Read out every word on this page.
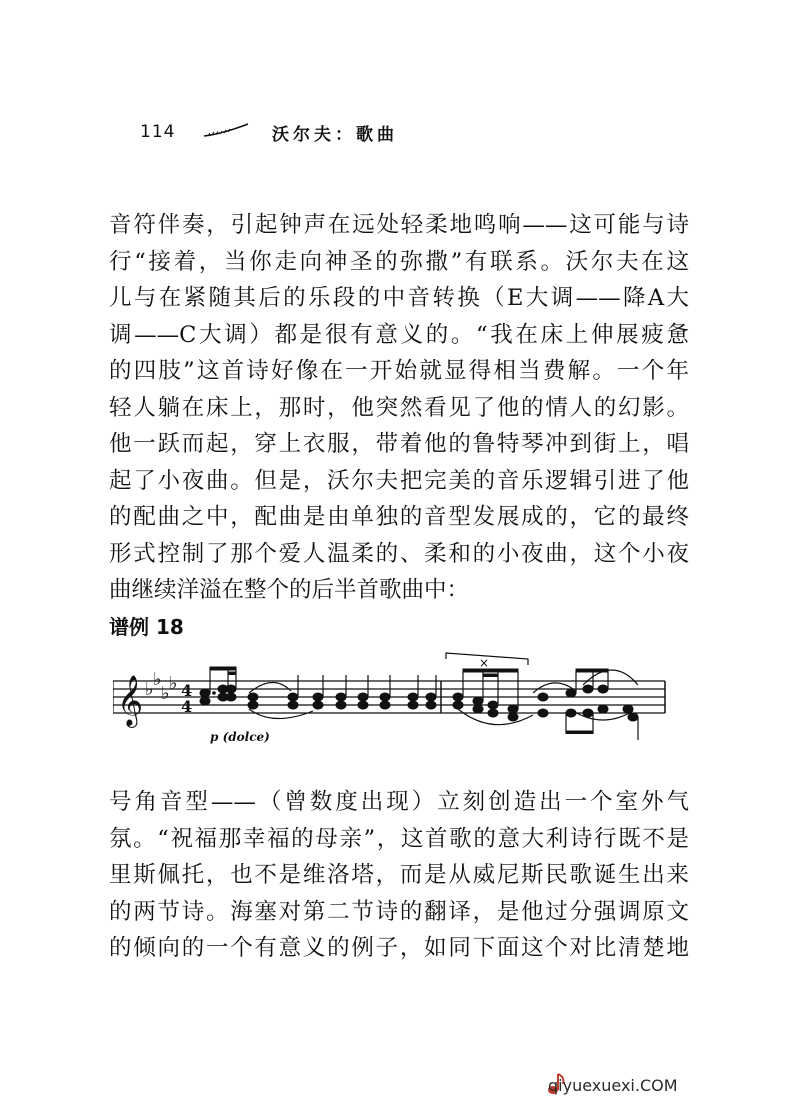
114	沃尔夫：歌曲
音符伴奏，引起钟声在远处轻柔地鸣响——这可能与诗
行“接着，当你走向神圣的弥撒”有联系。沃尔夫在这
儿与在紧随其后的乐段的中音转换（E大调——降A大
调——C大调）都是很有意义的。“我在床上伸展疲惫
的四肢”这首诗好像在一开始就显得相当费解。一个年
轻人躺在床上，那时，他突然看见了他的情人的幻影。
他一跃而起，穿上衣服，带着他的鲁特琴冲到街上，唱
起了小夜曲。但是，沃尔夫把完美的音乐逻辑引进了他
的配曲之中，配曲是由单独的音型发展成的，它的最终
形式控制了那个爱人温柔的、柔和的小夜曲，这个小夜
曲继续洋溢在整个的后半首歌曲中：
谱例 18
𝄞 ♭ ♭
♭ ♭ 4
4
×
p (dolce)
号角音型——（曾数度出现）立刻创造出一个室外气
氛。“祝福那幸福的母亲”，这首歌的意大利诗行既不是
里斯佩托，也不是维洛塔，而是从威尼斯民歌诞生出来
的两节诗。海塞对第二节诗的翻译，是他过分强调原文
的倾向的一个有意义的例子，如同下面这个对比清楚地
qiyuexuexi.COM
